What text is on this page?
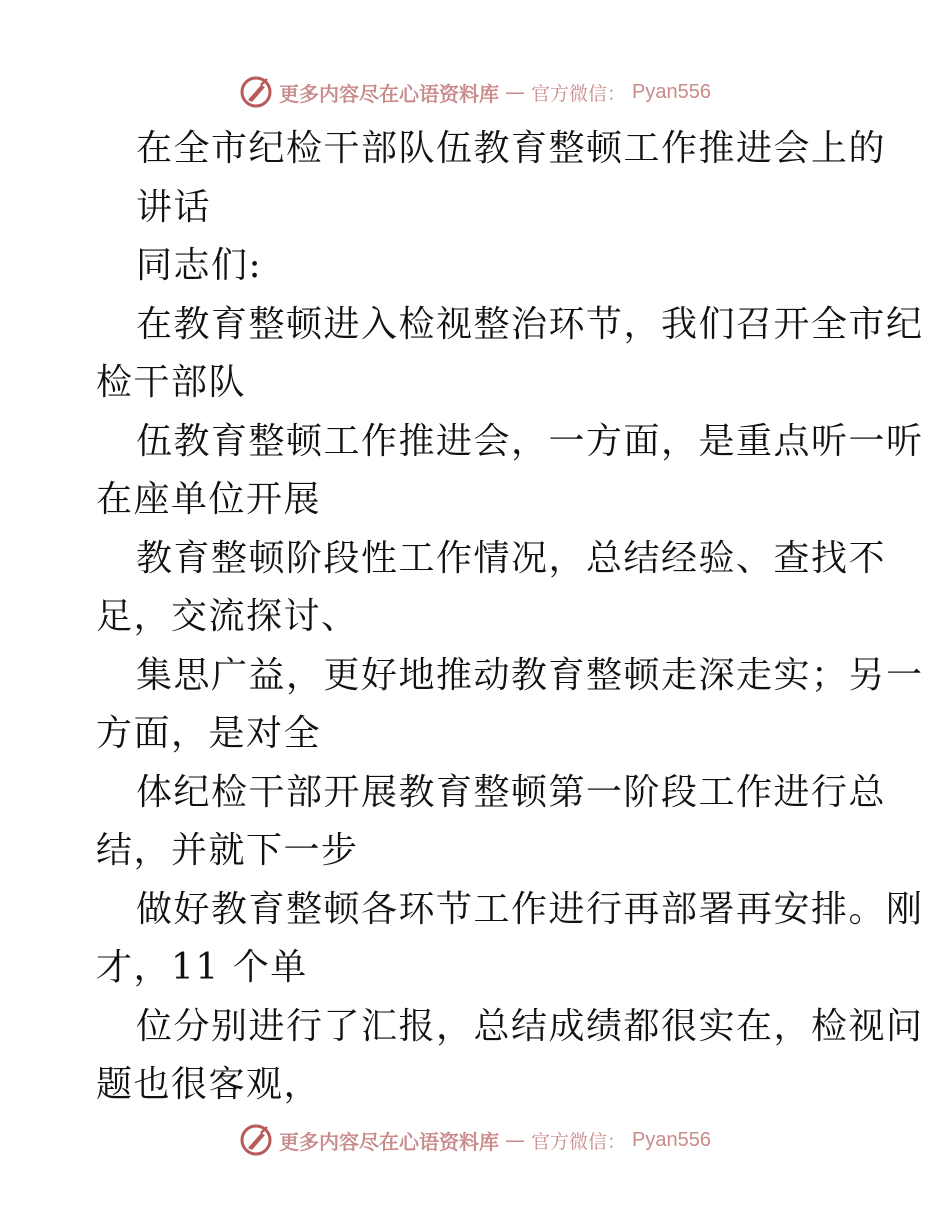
更多内容尽在心语资料库 — 官方微信： Pyan556
在全市纪检干部队伍教育整顿工作推进会上的
讲话
同志们:
在教育整顿进入检视整治环节，我们召开全市纪
检干部队
伍教育整顿工作推进会，一方面，是重点听一听
在座单位开展
教育整顿阶段性工作情况，总结经验、查找不
足，交流探讨、
集思广益，更好地推动教育整顿走深走实；另一
方面，是对全
体纪检干部开展教育整顿第一阶段工作进行总
结，并就下一步
做好教育整顿各环节工作进行再部署再安排。刚
才，11 个单
位分别进行了汇报，总结成绩都很实在，检视问
题也很客观，
更多内容尽在心语资料库 — 官方微信： Pyan556
